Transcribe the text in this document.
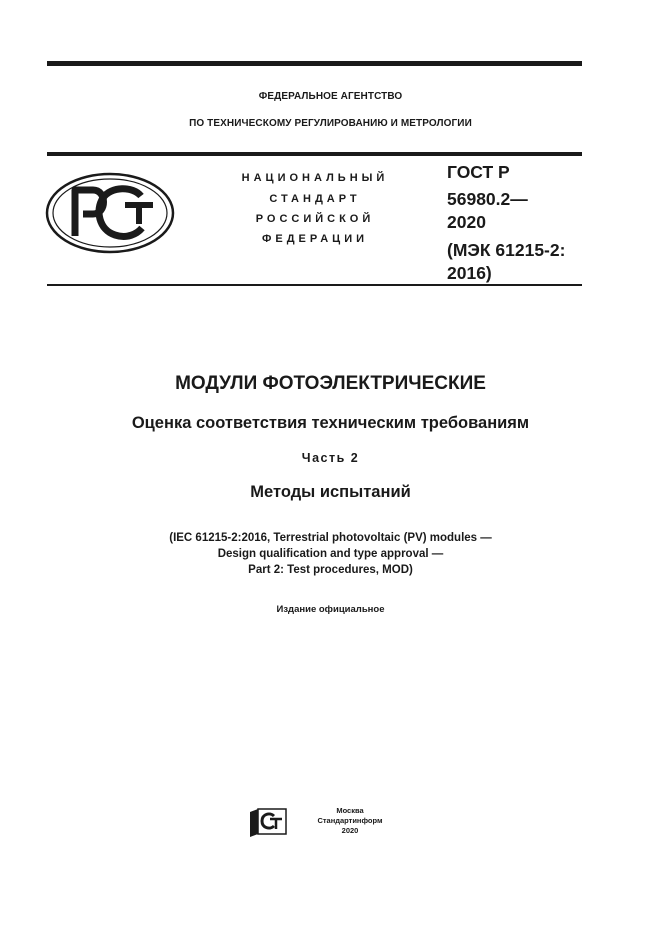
ФЕДЕРАЛЬНОЕ АГЕНТСТВО
ПО ТЕХНИЧЕСКОМУ РЕГУЛИРОВАНИЮ И МЕТРОЛОГИИ
НАЦИОНАЛЬНЫЙ
СТАНДАРТ
РОССИЙСКОЙ
ФЕДЕРАЦИИ
ГОСТ Р
56980.2—
2020
(МЭК 61215-2:
2016)
МОДУЛИ ФОТОЭЛЕКТРИЧЕСКИЕ
Оценка соответствия техническим требованиям
Часть 2
Методы испытаний
(IEC 61215-2:2016, Terrestrial photovoltaic (PV) modules —
Design qualification and type approval —
Part 2: Test procedures, MOD)
Издание официальное
Москва
Стандартинформ
2020
